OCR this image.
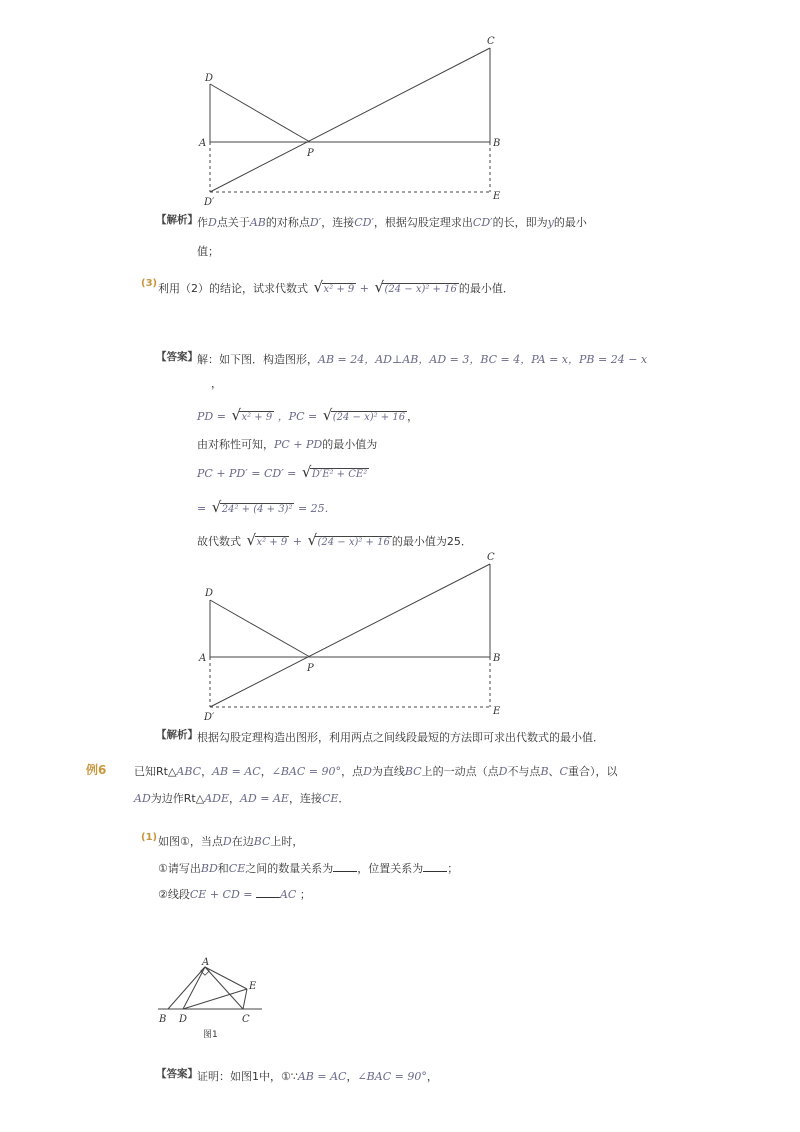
D
A
D′
P
C
B
E
【解析】 作D点关于AB的对称点D′，连接CD′，根据勾股定理求出CD′的长，即为y的最小
值；
(3) 利用（2）的结论，试求代数式 √ x² + 9 + √ (24 − x)² + 16 的最小值．
【答案】 解：如下图．构造图形，AB = 24，AD⊥AB，AD = 3，BC = 4，PA = x，PB = 24 − x
，
PD = √ x² + 9 ，PC = √ (24 − x)² + 16 ，
由对称性可知，PC + PD的最小值为
PC + PD′ = CD′ = √ D′E² + CE²
= √ 24² + (4 + 3)² = 25．
故代数式 √ x² + 9 + √ (24 − x)² + 16 的最小值为25．
D
A
D′
P
C
B
E
【解析】 根据勾股定理构造出图形，利用两点之间线段最短的方法即可求出代数式的最小值．
例6	已知Rt△ABC，AB = AC，∠BAC = 90°，点D为直线BC上的一动点（点D不与点B、C重合），以
AD为边作Rt△ADE，AD = AE，连接CE．
(1) 如图①，当点D在边BC上时，
①请写出BD和CE之间的数量关系为 ，位置关系为 ；
②线段CE + CD =	AC ；
A
E
B D	C
图1
【答案】 证明：如图1中，①∵AB = AC，∠BAC = 90°，
